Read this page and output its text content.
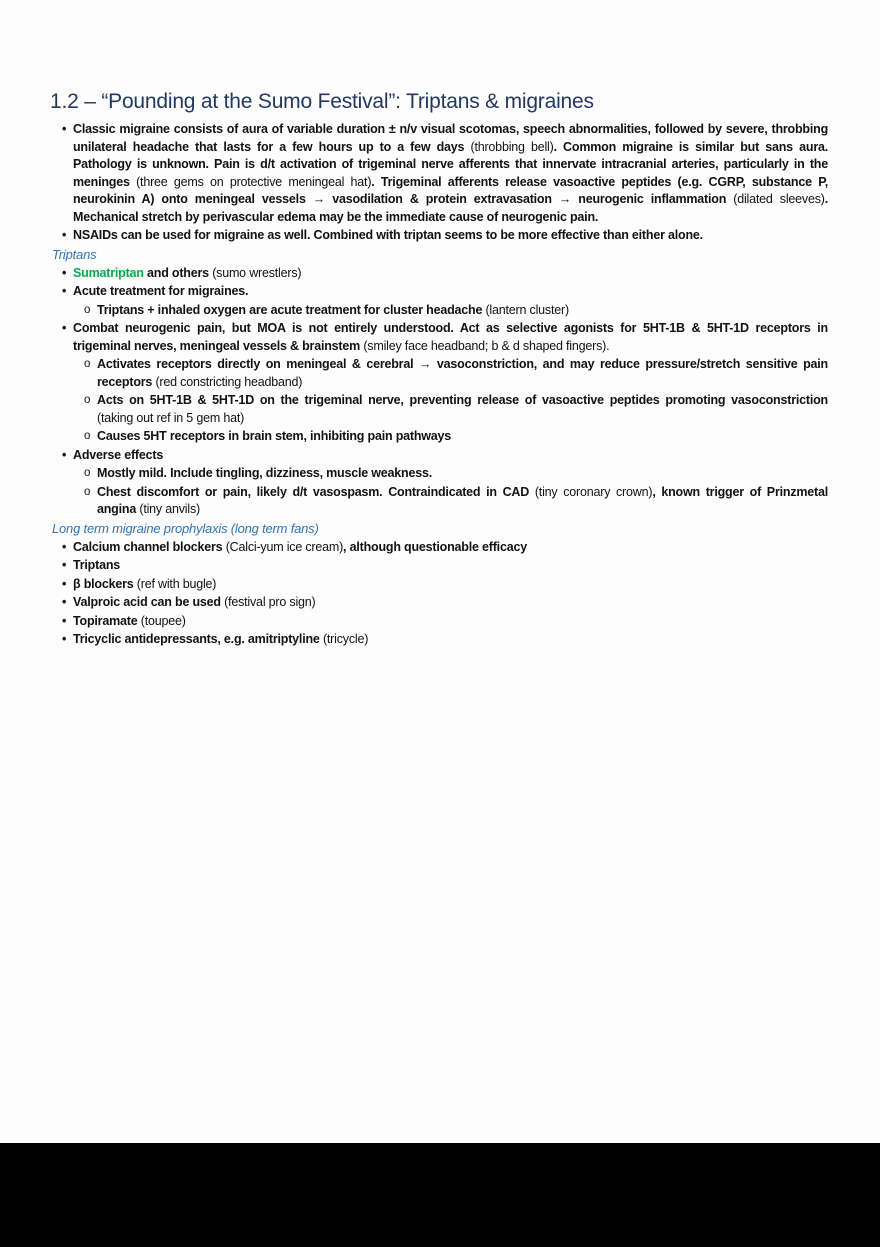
1.2 – “Pounding at the Sumo Festival”: Triptans & migraines
• Classic migraine consists of aura of variable duration ± n/v visual scotomas, speech abnormalities, followed by severe, throbbing unilateral headache that lasts for a few hours up to a few days (throbbing bell). Common migraine is similar but sans aura. Pathology is unknown. Pain is d/t activation of trigeminal nerve afferents that innervate intracranial arteries, particularly in the meninges (three gems on protective meningeal hat). Trigeminal afferents release vasoactive peptides (e.g. CGRP, substance P, neurokinin A) onto meningeal vessels → vasodilation & protein extravasation → neurogenic inflammation (dilated sleeves). Mechanical stretch by perivascular edema may be the immediate cause of neurogenic pain.
• NSAIDs can be used for migraine as well. Combined with triptan seems to be more effective than either alone.
Triptans
• Sumatriptan and others (sumo wrestlers)
• Acute treatment for migraines.
o Triptans + inhaled oxygen are acute treatment for cluster headache (lantern cluster)
• Combat neurogenic pain, but MOA is not entirely understood. Act as selective agonists for 5HT-1B & 5HT-1D receptors in trigeminal nerves, meningeal vessels & brainstem (smiley face headband; b & d shaped fingers).
o Activates receptors directly on meningeal & cerebral → vasoconstriction, and may reduce pressure/stretch sensitive pain receptors (red constricting headband)
o Acts on 5HT-1B & 5HT-1D on the trigeminal nerve, preventing release of vasoactive peptides promoting vasoconstriction (taking out ref in 5 gem hat)
o Causes 5HT receptors in brain stem, inhibiting pain pathways
• Adverse effects
o Mostly mild. Include tingling, dizziness, muscle weakness.
o Chest discomfort or pain, likely d/t vasospasm. Contraindicated in CAD (tiny coronary crown), known trigger of Prinzmetal angina (tiny anvils)
Long term migraine prophylaxis (long term fans)
• Calcium channel blockers (Calci-yum ice cream), although questionable efficacy
• Triptans
• β blockers (ref with bugle)
• Valproic acid can be used (festival pro sign)
• Topiramate (toupee)
• Tricyclic antidepressants, e.g. amitriptyline (tricycle)
